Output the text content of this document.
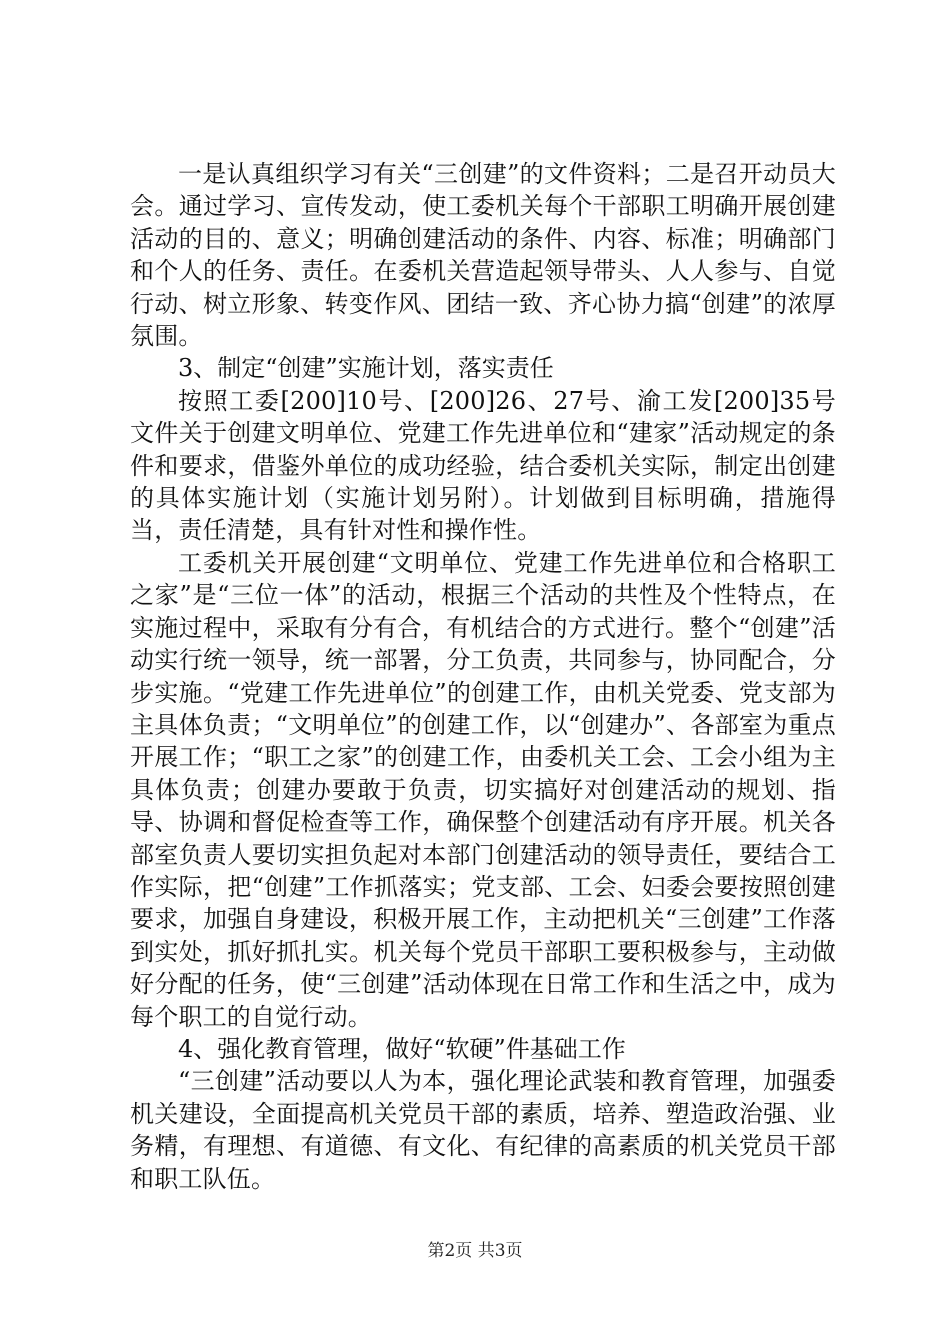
一是认真组织学习有关“三创建”的文件资料；二是召开动员大会。通过学习、宣传发动，使工委机关每个干部职工明确开展创建活动的目的、意义；明确创建活动的条件、内容、标准；明确部门和个人的任务、责任。在委机关营造起领导带头、人人参与、自觉行动、树立形象、转变作风、团结一致、齐心协力搞“创建”的浓厚氛围。

3、制定“创建”实施计划，落实责任

按照工委[200]10号、[200]26、27号、渝工发[200]35号文件关于创建文明单位、党建工作先进单位和“建家”活动规定的条件和要求，借鉴外单位的成功经验，结合委机关实际，制定出创建的具体实施计划（实施计划另附）。计划做到目标明确，措施得当，责任清楚，具有针对性和操作性。

工委机关开展创建“文明单位、党建工作先进单位和合格职工之家”是“三位一体”的活动，根据三个活动的共性及个性特点，在实施过程中，采取有分有合，有机结合的方式进行。整个“创建”活动实行统一领导，统一部署，分工负责，共同参与，协同配合，分步实施。“党建工作先进单位”的创建工作，由机关党委、党支部为主具体负责；“文明单位”的创建工作，以“创建办”、各部室为重点开展工作；“职工之家”的创建工作，由委机关工会、工会小组为主具体负责；创建办要敢于负责，切实搞好对创建活动的规划、指导、协调和督促检查等工作，确保整个创建活动有序开展。机关各部室负责人要切实担负起对本部门创建活动的领导责任，要结合工作实际，把“创建”工作抓落实；党支部、工会、妇委会要按照创建要求，加强自身建设，积极开展工作，主动把机关“三创建”工作落到实处，抓好抓扎实。机关每个党员干部职工要积极参与，主动做好分配的任务，使“三创建”活动体现在日常工作和生活之中，成为每个职工的自觉行动。

4、强化教育管理，做好“软硬”件基础工作

“三创建”活动要以人为本，强化理论武装和教育管理，加强委机关建设，全面提高机关党员干部的素质，培养、塑造政治强、业务精，有理想、有道德、有文化、有纪律的高素质的机关党员干部和职工队伍。

第2页 共3页
